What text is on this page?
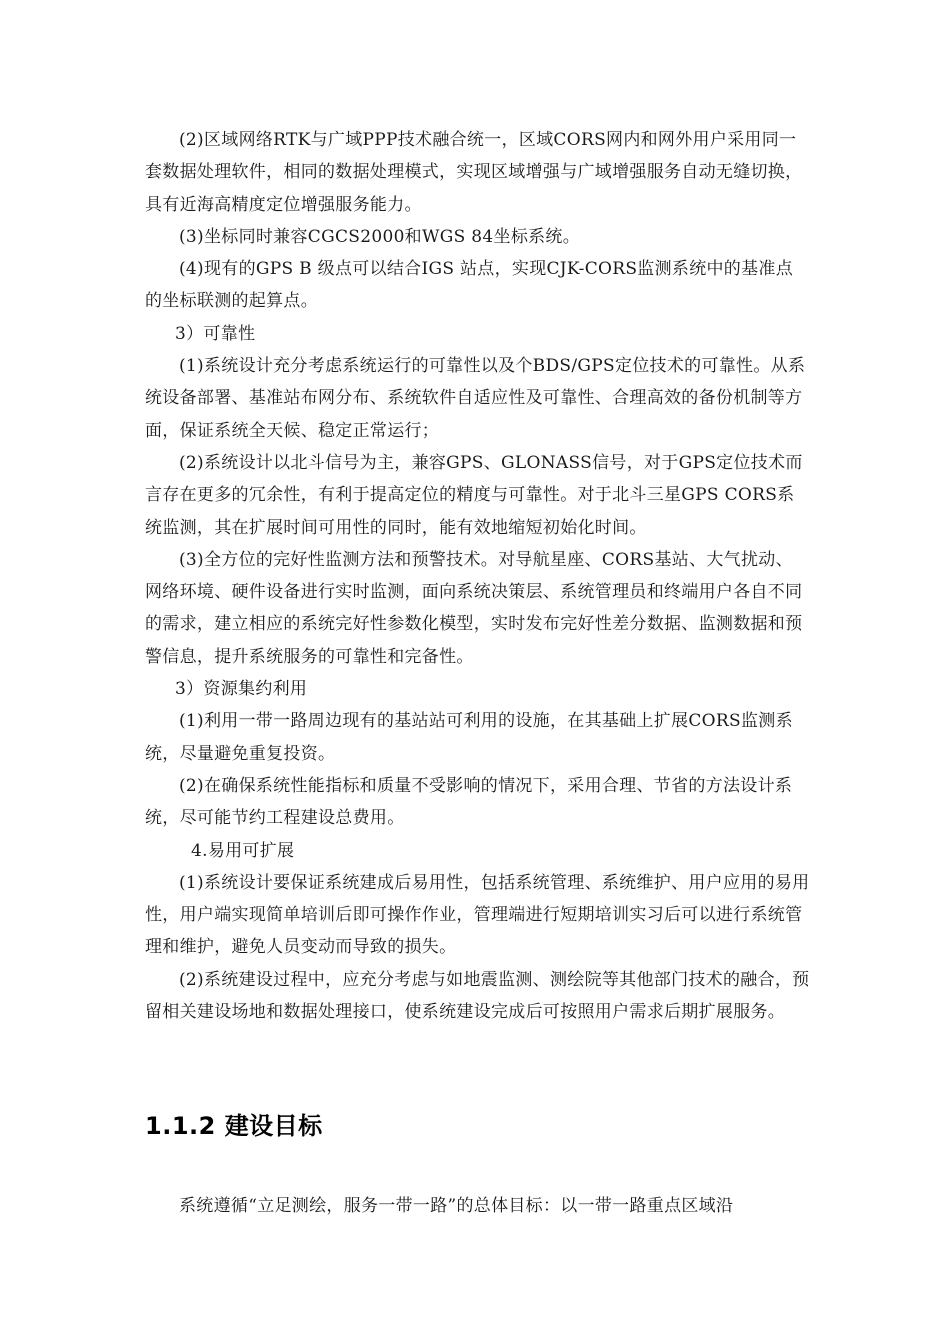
(2)区域网络RTK与广域PPP技术融合统一，区域CORS网内和网外用户采用同一套数据处理软件，相同的数据处理模式，实现区域增强与广域增强服务自动无缝切换，具有近海高精度定位增强服务能力。

(3)坐标同时兼容CGCS2000和WGS 84坐标系统。

(4)现有的GPS B 级点可以结合IGS 站点，实现CJK-CORS监测系统中的基准点的坐标联测的起算点。

3）可靠性

(1)系统设计充分考虑系统运行的可靠性以及个BDS/GPS定位技术的可靠性。从系统设备部署、基准站布网分布、系统软件自适应性及可靠性、合理高效的备份机制等方面，保证系统全天候、稳定正常运行；

(2)系统设计以北斗信号为主，兼容GPS、GLONASS信号，对于GPS定位技术而言存在更多的冗余性，有利于提高定位的精度与可靠性。对于北斗三星GPS CORS系统监测，其在扩展时间可用性的同时，能有效地缩短初始化时间。

(3)全方位的完好性监测方法和预警技术。对导航星座、CORS基站、大气扰动、网络环境、硬件设备进行实时监测，面向系统决策层、系统管理员和终端用户各自不同的需求，建立相应的系统完好性参数化模型，实时发布完好性差分数据、监测数据和预警信息，提升系统服务的可靠性和完备性。

3）资源集约利用

(1)利用一带一路周边现有的基站站可利用的设施，在其基础上扩展CORS监测系统，尽量避免重复投资。

(2)在确保系统性能指标和质量不受影响的情况下，采用合理、节省的方法设计系统，尽可能节约工程建设总费用。

4.易用可扩展

(1)系统设计要保证系统建成后易用性，包括系统管理、系统维护、用户应用的易用性，用户端实现简单培训后即可操作作业，管理端进行短期培训实习后可以进行系统管理和维护，避免人员变动而导致的损失。

(2)系统建设过程中，应充分考虑与如地震监测、测绘院等其他部门技术的融合，预留相关建设场地和数据处理接口，使系统建设完成后可按照用户需求后期扩展服务。

1.1.2 建设目标
系统遵循“立足测绘，服务一带一路”的总体目标：以一带一路重点区域沿
